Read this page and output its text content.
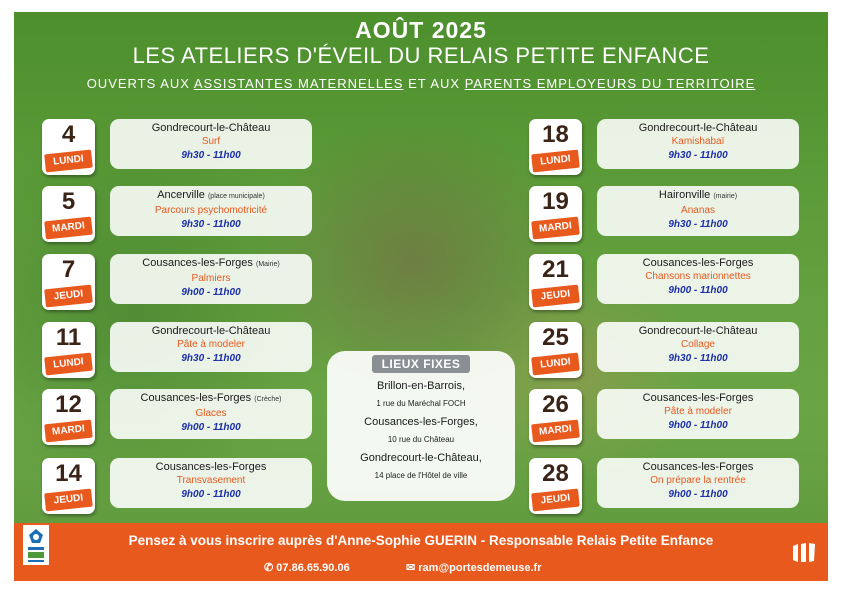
AOÛT 2025
LES ATELIERS D'ÉVEIL DU RELAIS PETITE ENFANCE
OUVERTS AUX ASSISTANTES MATERNELLES ET AUX PARENTS EMPLOYEURS DU TERRITOIRE
4
LUNDI
Gondrecourt-le-Château
Surf
9h30 - 11h00
5
MARDI
Ancerville (place municipale)
Parcours psychomotricité
9h30 - 11h00
7
JEUDI
Cousances-les-Forges (Mairie)
Palmiers
9h00 - 11h00
11
LUNDI
Gondrecourt-le-Château
Pâte à modeler
9h30 - 11h00
12
MARDI
Cousances-les-Forges (Crèche)
Glaces
9h00 - 11h00
14
JEUDI
Cousances-les-Forges
Transvasement
9h00 - 11h00
18
LUNDI
Gondrecourt-le-Château
Kamishabaï
9h30 - 11h00
19
MARDI
Haironville (mairie)
Ananas
9h30 - 11h00
21
JEUDI
Cousances-les-Forges
Chansons marionnettes
9h00 - 11h00
25
LUNDI
Gondrecourt-le-Château
Collage
9h30 - 11h00
26
MARDI
Cousances-les-Forges
Pâte à modeler
9h00 - 11h00
28
JEUDI
Cousances-les-Forges
On prépare la rentrée
9h00 - 11h00
LIEUX FIXES
Brillon-en-Barrois,
1 rue du Maréchal FOCH
Cousances-les-Forges,
10 rue du Château
Gondrecourt-le-Château,
14 place de l'Hôtel de ville
Pensez à vous inscrire auprès d'Anne-Sophie GUERIN - Responsable Relais Petite Enfance
✆ 07.86.65.90.06	✉ ram@portesdemeuse.fr
